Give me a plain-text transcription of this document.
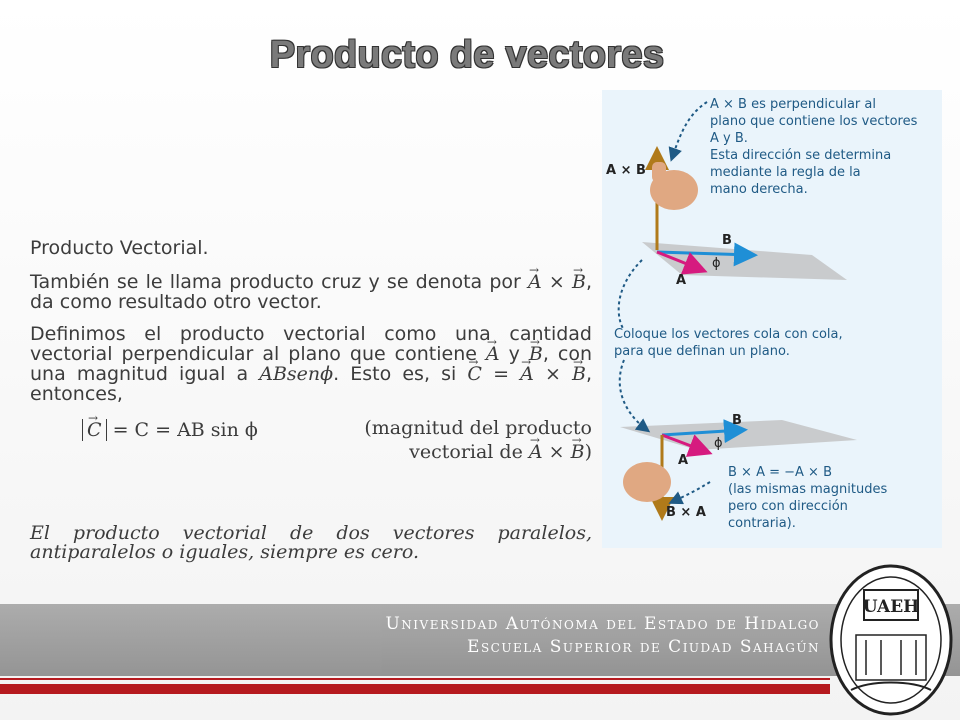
Producto de vectores

Producto Vectorial.

También se le llama producto cruz y se denota por → A × → B, da como resultado otro vector.

Definimos el producto vectorial como una cantidad vectorial perpendicular al plano que contiene → A y → B, con una magnitud igual a ABsenϕ. Esto es, si → C = → A × → B, entonces,

→ C = C = AB sin ϕ	(magnitud del producto
vectorial de → A × → B)

El producto vectorial de dos vectores paralelos, antiparalelos o iguales, siempre es cero.

A × B es perpendicular al
plano que contiene los vectores
A y B.
Esta dirección se determina
mediante la regla de la
mano derecha.
A × B
B
A
ϕ
Coloque los vectores cola con cola,
para que definan un plano.
B
A
ϕ
B × A
B × A = −A × B
(las mismas magnitudes
pero con dirección
contraria).
Universidad Autónoma del Estado de Hidalgo
Escuela Superior de Ciudad Sahagún
UAEH
